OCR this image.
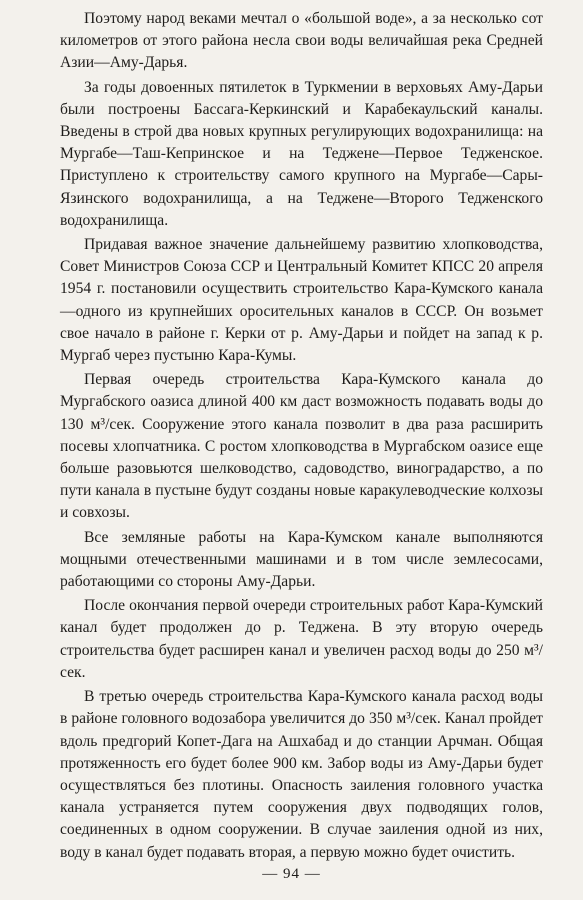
Поэтому народ веками мечтал о «большой воде», а за несколько сот километров от этого района несла свои воды величайшая река Средней Азии—Аму-Дарья.

За годы довоенных пятилеток в Туркмении в верховьях Аму-Дарьи были построены Бассага-Керкинский и Карабекаульский каналы. Введены в строй два новых крупных регулирующих водохранилища: на Мургабе—Таш-Кепринское и на Теджене—Первое Тедженское. Приступлено к строительству самого крупного на Мургабе—Сары-Язинского водохранилища, а на Теджене—Второго Тедженского водохранилища.

Придавая важное значение дальнейшему развитию хлопководства, Совет Министров Союза ССР и Центральный Комитет КПСС 20 апреля 1954 г. постановили осуществить строительство Кара-Кумского канала—одного из крупнейших оросительных каналов в СССР. Он возьмет свое начало в районе г. Керки от р. Аму-Дарьи и пойдет на запад к р. Мургаб через пустыню Кара-Кумы.

Первая очередь строительства Кара-Кумского канала до Мургабского оазиса длиной 400 км даст возможность подавать воды до 130 м³/сек. Сооружение этого канала позволит в два раза расширить посевы хлопчатника. С ростом хлопководства в Мургабском оазисе еще больше разовьются шелководство, садоводство, виноградарство, а по пути канала в пустыне будут созданы новые каракулеводческие колхозы и совхозы.

Все земляные работы на Кара-Кумском канале выполняются мощными отечественными машинами и в том числе землесосами, работающими со стороны Аму-Дарьи.

После окончания первой очереди строительных работ Кара-Кумский канал будет продолжен до р. Теджена. В эту вторую очередь строительства будет расширен канал и увеличен расход воды до 250 м³/сек.

В третью очередь строительства Кара-Кумского канала расход воды в районе головного водозабора увеличится до 350 м³/сек. Канал пройдет вдоль предгорий Копет-Дага на Ашхабад и до станции Арчман. Общая протяженность его будет более 900 км. Забор воды из Аму-Дарьи будет осуществляться без плотины. Опасность заиления головного участка канала устраняется путем сооружения двух подводящих голов, соединенных в одном сооружении. В случае заиления одной из них, воду в канал будет подавать вторая, а первую можно будет очистить.

— 94 —
